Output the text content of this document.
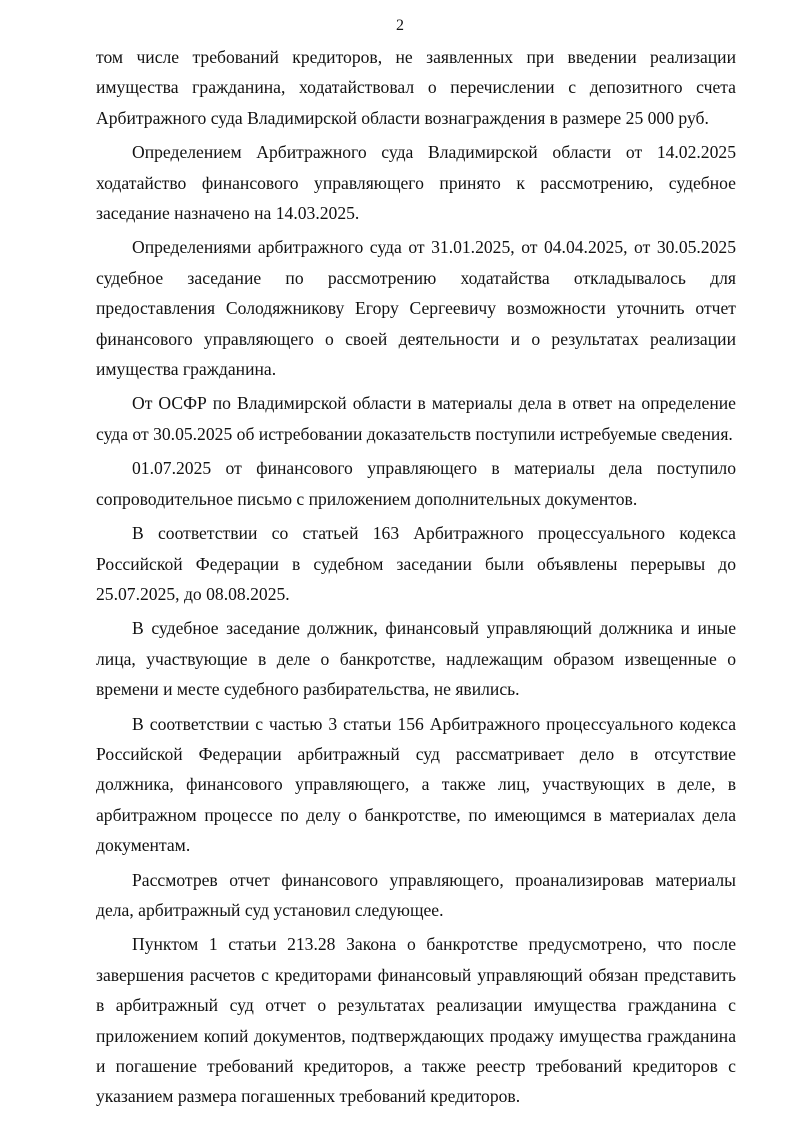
2

том числе требований кредиторов, не заявленных при введении реализации имущества гражданина, ходатайствовал о перечислении с депозитного счета Арбитражного суда Владимирской области вознаграждения в размере 25 000 руб.

Определением Арбитражного суда Владимирской области от 14.02.2025 ходатайство финансового управляющего принято к рассмотрению, судебное заседание назначено на 14.03.2025.

Определениями арбитражного суда от 31.01.2025, от 04.04.2025, от 30.05.2025 судебное заседание по рассмотрению ходатайства откладывалось для предоставления Солодяжникову Егору Сергеевичу возможности уточнить отчет финансового управляющего о своей деятельности и о результатах реализации имущества гражданина.

От ОСФР по Владимирской области в материалы дела в ответ на определение суда от 30.05.2025 об истребовании доказательств поступили истребуемые сведения.

01.07.2025 от финансового управляющего в материалы дела поступило сопроводительное письмо с приложением дополнительных документов.

В соответствии со статьей 163 Арбитражного процессуального кодекса Российской Федерации в судебном заседании были объявлены перерывы до 25.07.2025, до 08.08.2025.

В судебное заседание должник, финансовый управляющий должника и иные лица, участвующие в деле о банкротстве, надлежащим образом извещенные о времени и месте судебного разбирательства, не явились.

В соответствии с частью 3 статьи 156 Арбитражного процессуального кодекса Российской Федерации арбитражный суд рассматривает дело в отсутствие должника, финансового управляющего, а также лиц, участвующих в деле, в арбитражном процессе по делу о банкротстве, по имеющимся в материалах дела документам.

Рассмотрев отчет финансового управляющего, проанализировав материалы дела, арбитражный суд установил следующее.

Пунктом 1 статьи 213.28 Закона о банкротстве предусмотрено, что после завершения расчетов с кредиторами финансовый управляющий обязан представить в арбитражный суд отчет о результатах реализации имущества гражданина с приложением копий документов, подтверждающих продажу имущества гражданина и погашение требований кредиторов, а также реестр требований кредиторов с указанием размера погашенных требований кредиторов.
